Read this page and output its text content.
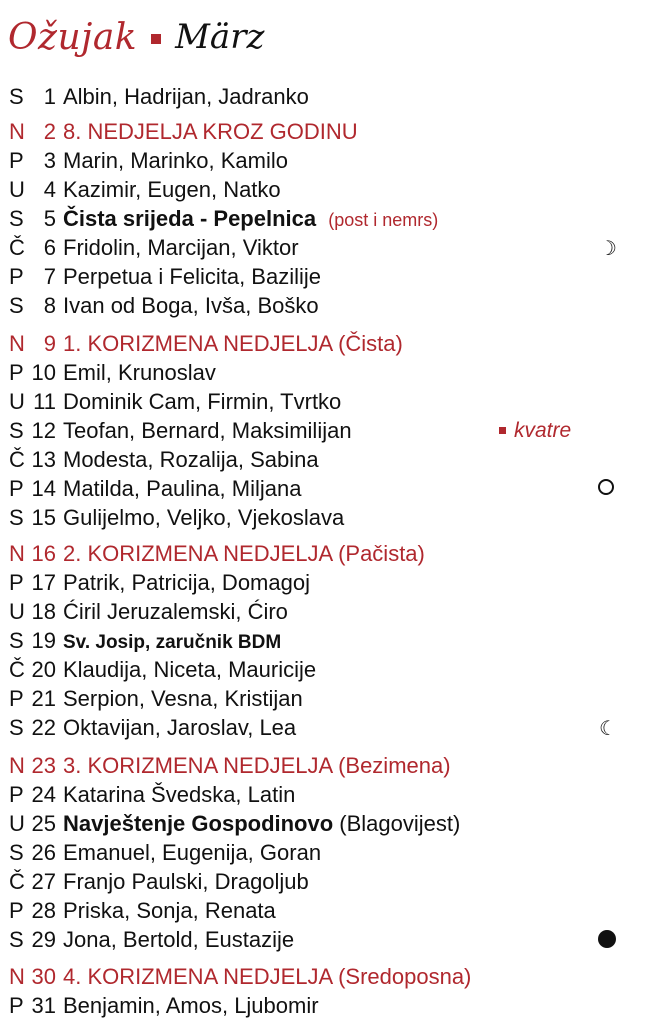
Ožujak März
S 1 Albin, Hadrijan, Jadranko
N 2 8. NEDJELJA KROZ GODINU
P 3 Marin, Marinko, Kamilo
U 4 Kazimir, Eugen, Natko
S 5 Čista srijeda - Pepelnica (post i nemrs)
Č 6 Fridolin, Marcijan, Viktor	☽
P 7 Perpetua i Felicita, Bazilije
S 8 Ivan od Boga, Ivša, Boško
N 9 1. KORIZMENA NEDJELJA (Čista)
P 10 Emil, Krunoslav
U 11 Dominik Cam, Firmin, Tvrtko
S 12 Teofan, Bernard, Maksimilijan	kvatre
Č 13 Modesta, Rozalija, Sabina
P 14 Matilda, Paulina, Miljana
S 15 Gulijelmo, Veljko, Vjekoslava
N 16 2. KORIZMENA NEDJELJA (Pačista)
P 17 Patrik, Patricija, Domagoj
U 18 Ćiril Jeruzalemski, Ćiro
S 19 Sv. Josip, zaručnik BDM
Č 20 Klaudija, Niceta, Mauricije
P 21 Serpion, Vesna, Kristijan
S 22 Oktavijan, Jaroslav, Lea	☾
N 23 3. KORIZMENA NEDJELJA (Bezimena)
P 24 Katarina Švedska, Latin
U 25 Navještenje Gospodinovo (Blagovijest)
S 26 Emanuel, Eugenija, Goran
Č 27 Franjo Paulski, Dragoljub
P 28 Priska, Sonja, Renata
S 29 Jona, Bertold, Eustazije
N 30 4. KORIZMENA NEDJELJA (Sredoposna)
P 31 Benjamin, Amos, Ljubomir
